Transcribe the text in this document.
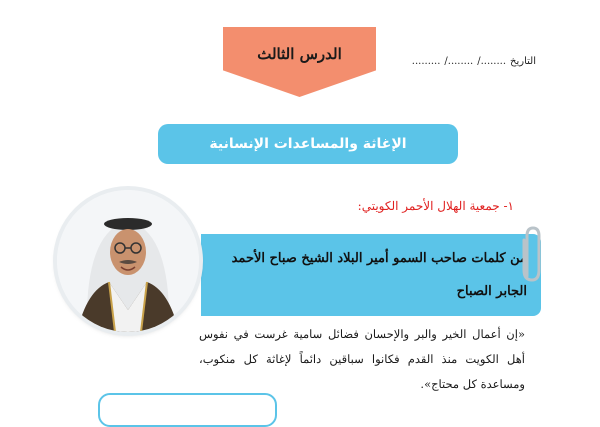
الدرس الثالث	التاريخ
......../
......../
.........
الإغاثة والمساعدات الإنسانية
١- جمعية الهلال الأحمر الكويتي:
من كلمات صاحب السمو أمير البلاد الشيخ صباح الأحمد الجابر الصباح
«إن أعمال الخير والبر والإحسان فضائل سامية غرست في نفوس أهل الكويت منذ القدم فكانوا سباقين دائماً لإغاثة كل منكوب، ومساعدة كل محتاج».
